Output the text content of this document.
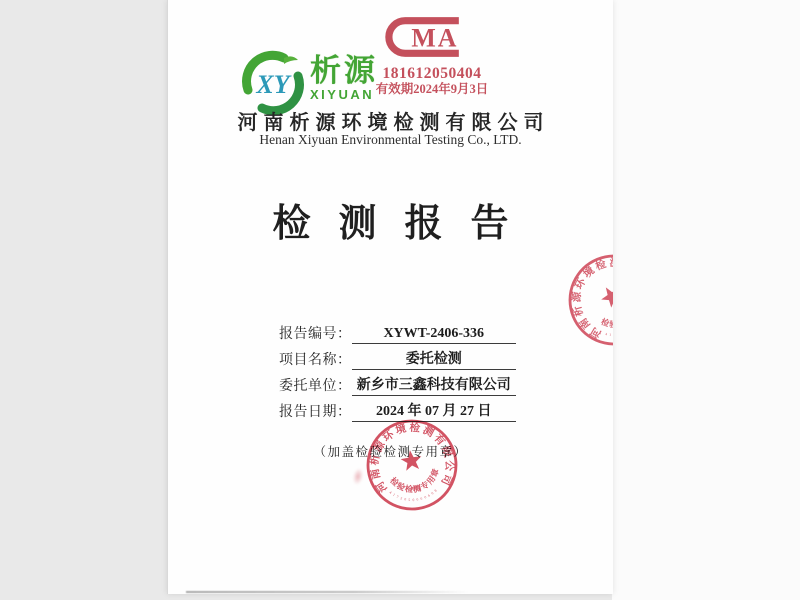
XY 析源
XIYUAN
MA
181612050404
有效期2024年9月3日
河南析源环境检测有限公司
Henan Xiyuan Environmental Testing Co., LTD.
检测报告
报告编号：	XYWT-2406-336
项目名称：	委托检测
委托单位： 新乡市三鑫科技有限公司
报告日期：	2024 年 07 月 27 日
（加盖检验检测专用章）
